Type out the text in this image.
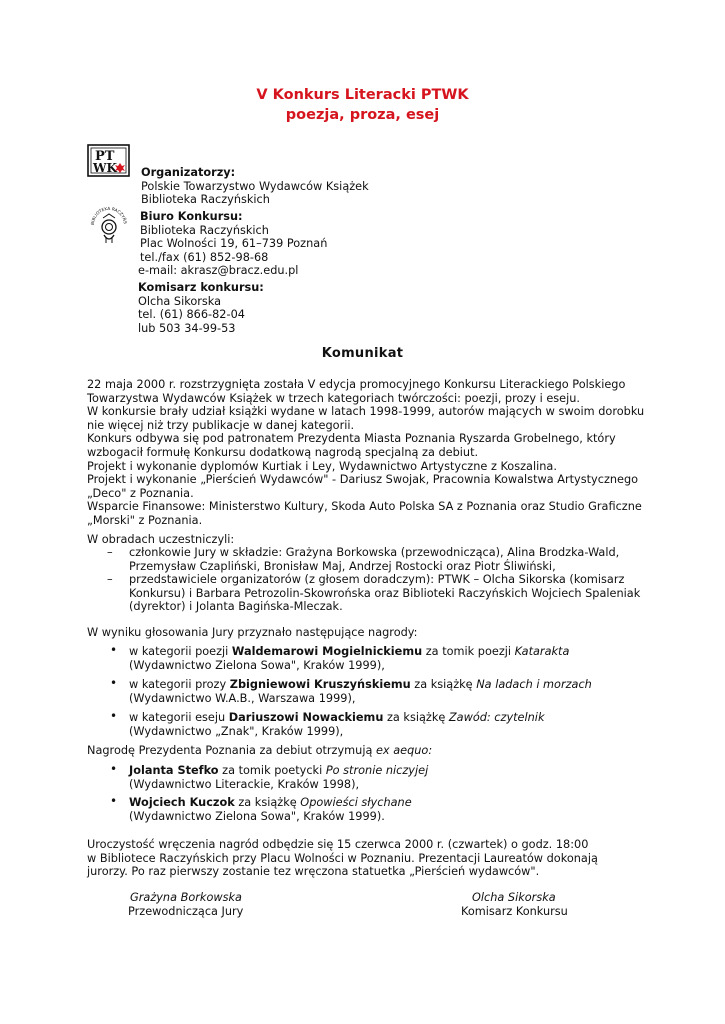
V Konkurs Literacki PTWK
poezja, proza, esej
PT
WK
BIBLIOTEKA RACZYŃS
Organizatorzy:
Polskie Towarzystwo Wydawców Książek
Biblioteka Raczyńskich
Biuro Konkursu:
Biblioteka Raczyńskich
Plac Wolności 19, 61–739 Poznań
tel./fax (61) 852-98-68
e-mail: akrasz@bracz.edu.pl
Komisarz konkursu:
Olcha Sikorska
tel. (61) 866-82-04
lub 503 34-99-53
Komunikat
22 maja 2000 r. rozstrzygnięta została V edycja promocyjnego Konkursu Literackiego Polskiego
Towarzystwa Wydawców Książek w trzech kategoriach twórczości: poezji, prozy i eseju.
W konkursie brały udział książki wydane w latach 1998-1999, autorów mających w swoim dorobku
nie więcej niż trzy publikacje w danej kategorii.
Konkurs odbywa się pod patronatem Prezydenta Miasta Poznania Ryszarda Grobelnego, który
wzbogacił formułę Konkursu dodatkową nagrodą specjalną za debiut.
Projekt i wykonanie dyplomów Kurtiak i Ley, Wydawnictwo Artystyczne z Koszalina.
Projekt i wykonanie „Pierścień Wydawców" - Dariusz Swojak, Pracownia Kowalstwa Artystycznego
„Deco" z Poznania.
Wsparcie Finansowe: Ministerstwo Kultury, Skoda Auto Polska SA z Poznania oraz Studio Graficzne
„Morski" z Poznania.
W obradach uczestniczyli:
– członkowie Jury w składzie: Grażyna Borkowska (przewodnicząca), Alina Brodzka-Wald,
Przemysław Czapliński, Bronisław Maj, Andrzej Rostocki oraz Piotr Śliwiński,
– przedstawiciele organizatorów (z głosem doradczym): PTWK – Olcha Sikorska (komisarz
Konkursu) i Barbara Petrozolin-Skowrońska oraz Biblioteki Raczyńskich Wojciech Spaleniak
(dyrektor) i Jolanta Bagińska-Mleczak.
W wyniku głosowania Jury przyznało następujące nagrody:
• w kategorii poezji Waldemarowi Mogielnickiemu za tomik poezji Katarakta
(Wydawnictwo Zielona Sowa", Kraków 1999),
• w kategorii prozy Zbigniewowi Kruszyńskiemu za książkę Na ladach i morzach
(Wydawnictwo W.A.B., Warszawa 1999),
• w kategorii eseju Dariuszowi Nowackiemu za książkę Zawód: czytelnik
(Wydawnictwo „Znak", Kraków 1999),
Nagrodę Prezydenta Poznania za debiut otrzymują ex aequo:
• Jolanta Stefko za tomik poetycki Po stronie niczyjej
(Wydawnictwo Literackie, Kraków 1998),
• Wojciech Kuczok za książkę Opowieści słychane
(Wydawnictwo Zielona Sowa", Kraków 1999).
Uroczystość wręczenia nagród odbędzie się 15 czerwca 2000 r. (czwartek) o godz. 18:00
w Bibliotece Raczyńskich przy Placu Wolności w Poznaniu. Prezentacji Laureatów dokonają
jurorzy. Po raz pierwszy zostanie tez wręczona statuetka „Pierścień wydawców".
Grażyna Borkowska
Przewodnicząca Jury
Olcha Sikorska
Komisarz Konkursu
